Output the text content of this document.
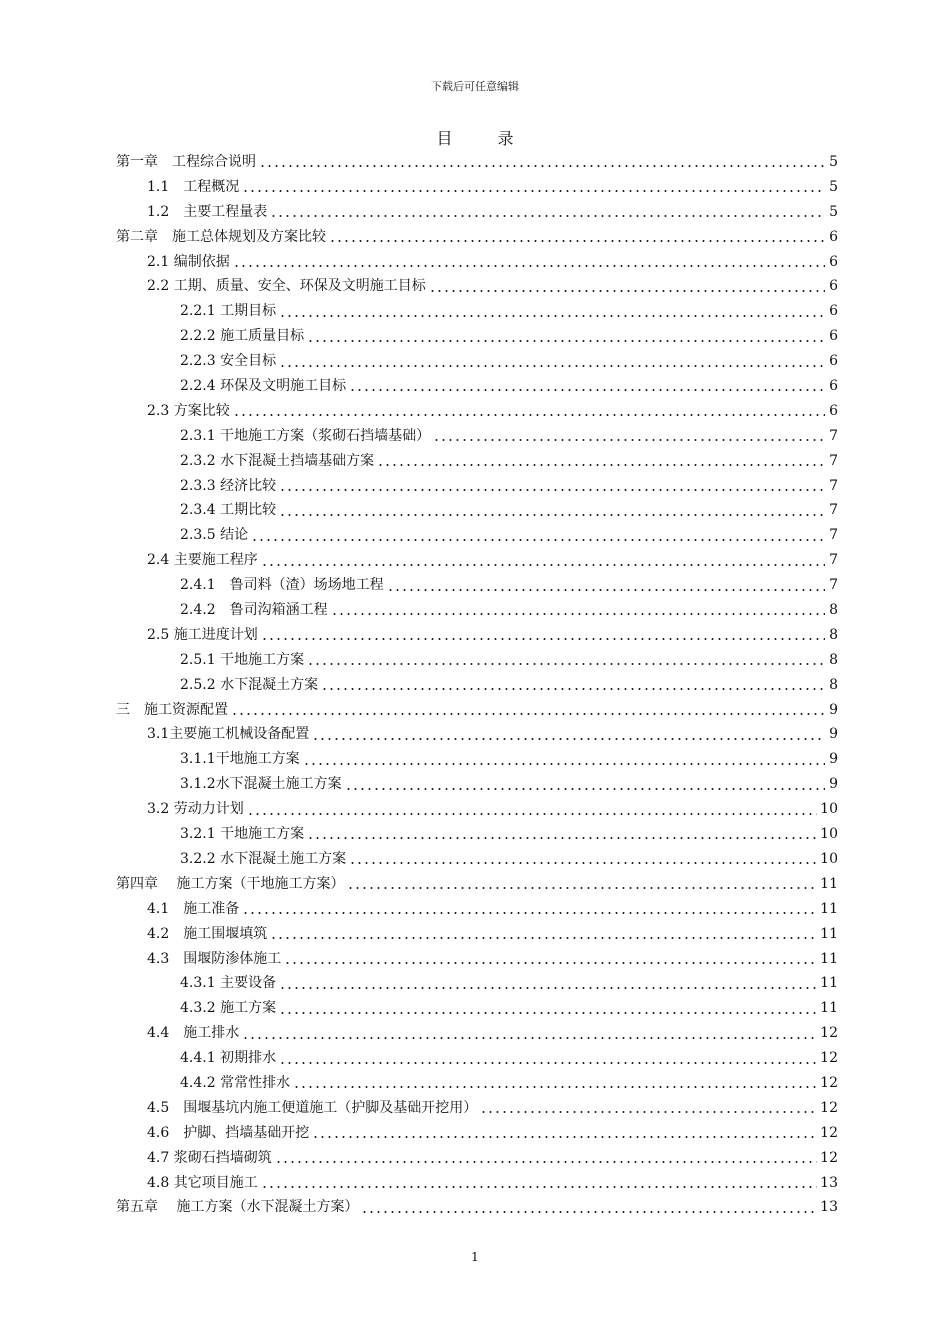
下载后可任意编辑
目 录
第一章　工程综合说明	5
1.1　工程概况	5
1.2　主要工程量表	5
第二章　施工总体规划及方案比较	6
2.1 编制依据	6
2.2 工期、质量、安全、环保及文明施工目标	6
2.2.1 工期目标	6
2.2.2 施工质量目标	6
2.2.3 安全目标	6
2.2.4 环保及文明施工目标	6
2.3 方案比较	6
2.3.1 干地施工方案（浆砌石挡墙基础）	7
2.3.2 水下混凝土挡墙基础方案	7
2.3.3 经济比较	7
2.3.4 工期比较	7
2.3.5 结论	7
2.4 主要施工程序	7
2.4.1　鲁司料（渣）场场地工程	7
2.4.2　鲁司沟箱涵工程	8
2.5 施工进度计划	8
2.5.1 干地施工方案	8
2.5.2 水下混凝土方案	8
三　施工资源配置	9
3.1主要施工机械设备配置	9
3.1.1干地施工方案	9
3.1.2水下混凝土施工方案	9
3.2 劳动力计划	10
3.2.1 干地施工方案	10
3.2.2 水下混凝土施工方案	10
第四章　 施工方案（干地施工方案）	11
4.1　施工准备	11
4.2　施工围堰填筑	11
4.3　围堰防渗体施工	11
4.3.1 主要设备	11
4.3.2 施工方案	11
4.4　施工排水	12
4.4.1 初期排水	12
4.4.2 常常性排水	12
4.5　围堰基坑内施工便道施工（护脚及基础开挖用）	12
4.6　护脚、挡墙基础开挖	12
4.7 浆砌石挡墙砌筑	12
4.8 其它项目施工	13
第五章　 施工方案（水下混凝土方案）	13
1
